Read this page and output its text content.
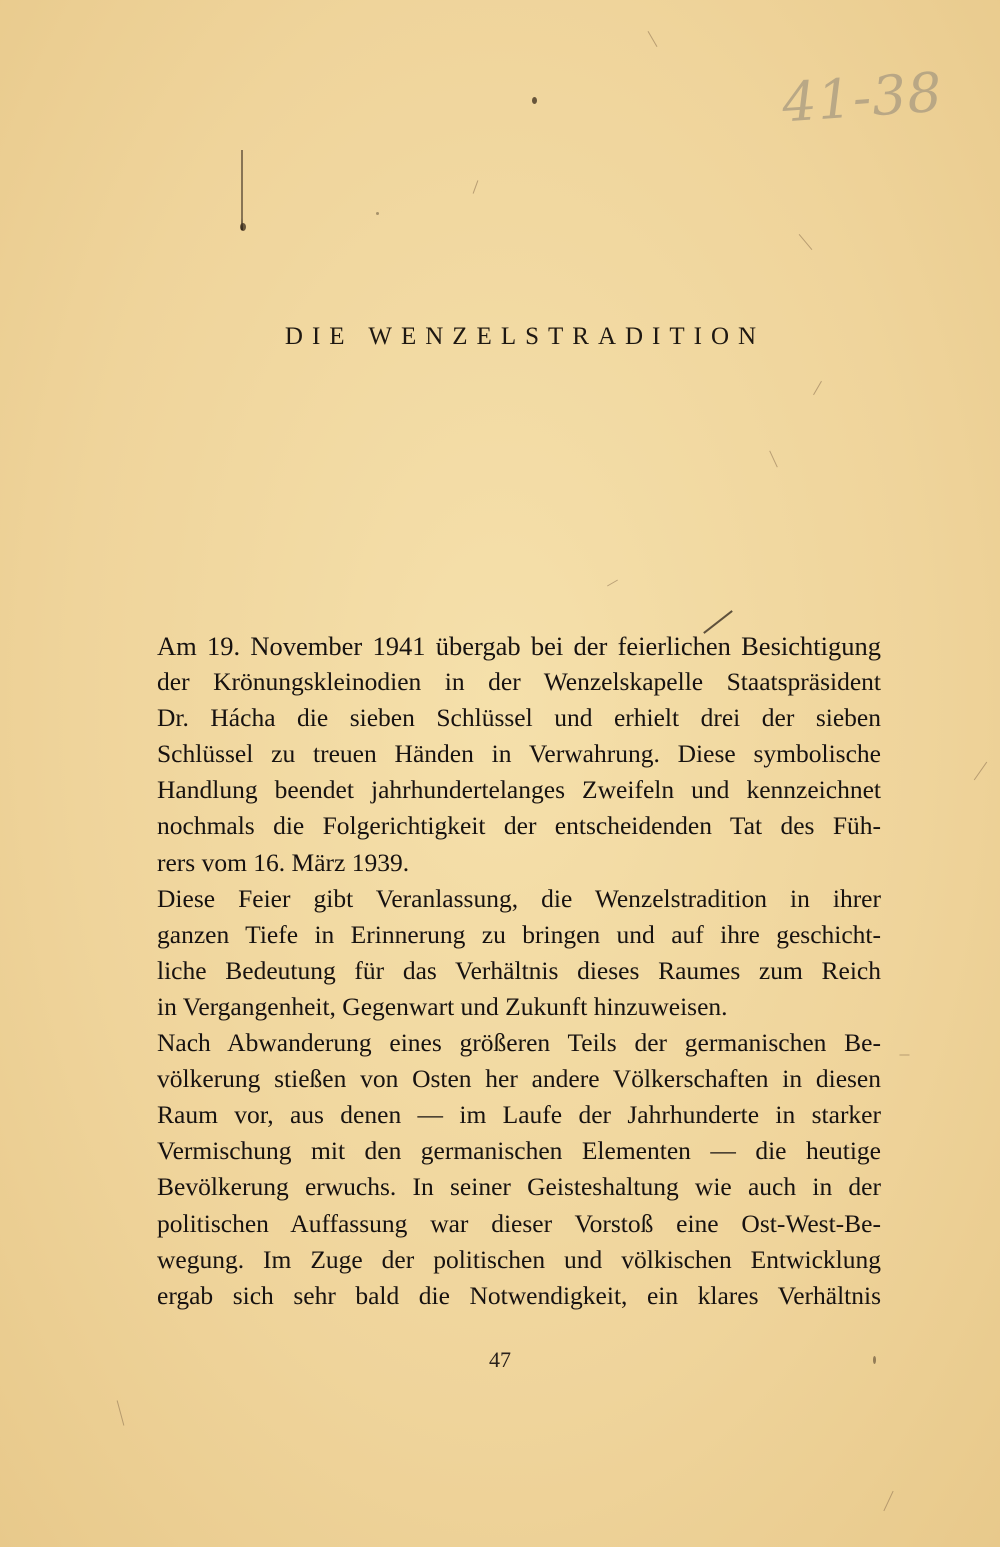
41-38
DIE WENZELSTRADITION
Am 19. November 1941 übergab bei der feierlichen Besichtigung
der Krönungskleinodien in der Wenzelskapelle Staatspräsident
Dr. Hácha die sieben Schlüssel und erhielt drei der sieben
Schlüssel zu treuen Händen in Verwahrung. Diese symbolische
Handlung beendet jahrhundertelanges Zweifeln und kennzeichnet
nochmals die Folgerichtigkeit der entscheidenden Tat des Füh-
rers vom 16. März 1939.
Diese Feier gibt Veranlassung, die Wenzelstradition in ihrer
ganzen Tiefe in Erinnerung zu bringen und auf ihre geschicht-
liche Bedeutung für das Verhältnis dieses Raumes zum Reich
in Vergangenheit, Gegenwart und Zukunft hinzuweisen.
Nach Abwanderung eines größeren Teils der germanischen Be-
völkerung stießen von Osten her andere Völkerschaften in diesen
Raum vor, aus denen — im Laufe der Jahrhunderte in starker
Vermischung mit den germanischen Elementen — die heutige
Bevölkerung erwuchs. In seiner Geisteshaltung wie auch in der
politischen Auffassung war dieser Vorstoß eine Ost-West-Be-
wegung. Im Zuge der politischen und völkischen Entwicklung
ergab sich sehr bald die Notwendigkeit, ein klares Verhältnis
47
